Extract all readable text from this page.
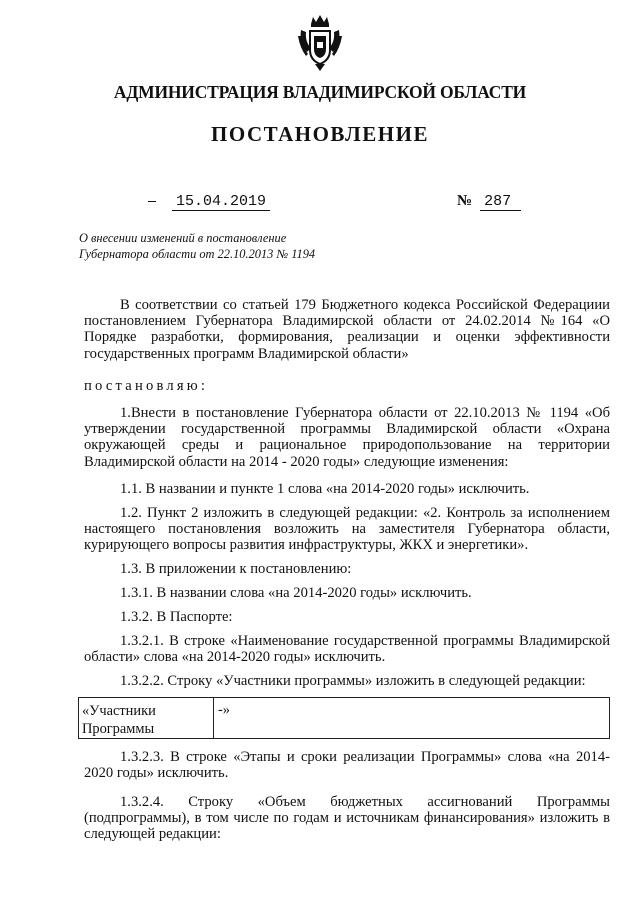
АДМИНИСТРАЦИЯ ВЛАДИМИРСКОЙ ОБЛАСТИ
ПОСТАНОВЛЕНИЕ
15.04.2019	№ 287
О внесении изменений в постановление
Губернатора области от 22.10.2013 № 1194

В соответствии со статьей 179 Бюджетного кодекса Российской Федерациии постановлением Губернатора Владимирской области от 24.02.2014 №164 «О Порядке разработки, формирования, реализации и оценки эффективности государственных программ Владимирской области»

постановляю:

1.Внести в постановление Губернатора области от 22.10.2013 № 1194 «Об утверждении государственной программы Владимирской области «Охрана окружающей среды и рациональное природопользование на территории Владимирской области на 2014 - 2020 годы» следующие изменения:

1.1. В названии и пункте 1 слова «на 2014-2020 годы» исключить.

1.2. Пункт 2 изложить в следующей редакции: «2. Контроль за исполнением настоящего постановления возложить на заместителя Губернатора области, курирующего вопросы развития инфраструктуры, ЖКХ и энергетики».

1.3. В приложении к постановлению:

1.3.1. В названии слова «на 2014-2020 годы» исключить.

1.3.2. В Паспорте:

1.3.2.1. В строке «Наименование государственной программы Владимирской области» слова «на 2014-2020 годы» исключить.

1.3.2.2. Строку «Участники программы» изложить в следующей редакции:

«Участники
Программы
-»

1.3.2.3. В строке «Этапы и сроки реализации Программы» слова «на 2014-2020 годы» исключить.

1.3.2.4. Строку «Объем бюджетных ассигнований Программы (подпрограммы), в том числе по годам и источникам финансирования» изложить в следующей редакции:
